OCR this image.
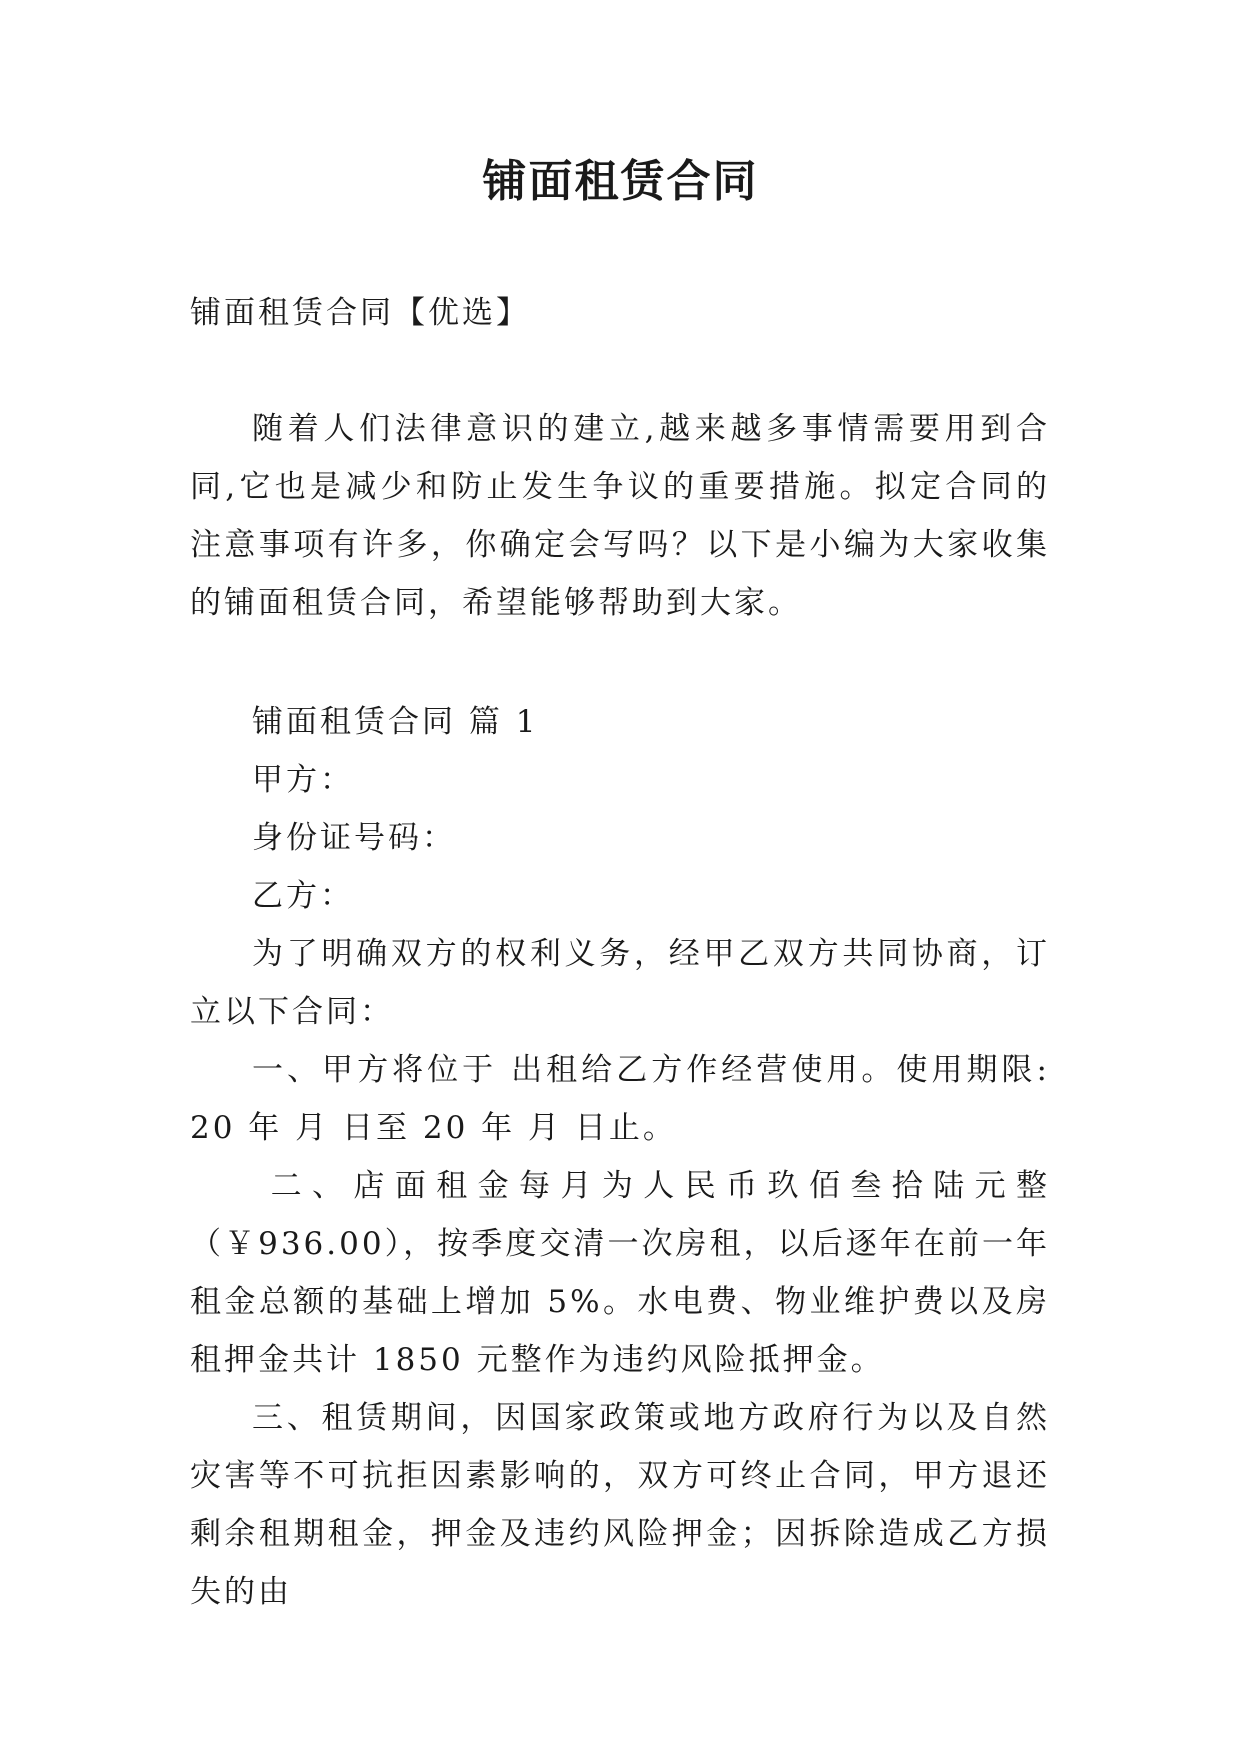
铺面租赁合同
铺面租赁合同【优选】

随着人们法律意识的建立,越来越多事情需要用到合同,它也是减少和防止发生争议的重要措施。拟定合同的注意事项有许多，你确定会写吗？以下是小编为大家收集的铺面租赁合同，希望能够帮助到大家。

铺面租赁合同 篇 1

甲方：

身份证号码：

乙方：

为了明确双方的权利义务，经甲乙双方共同协商，订立以下合同：

一、甲方将位于 出租给乙方作经营使用。使用期限: 20 年 月 日至 20 年 月 日止。

二、店面租金每月为人民币玖佰叁拾陆元整（￥936.00），按季度交清一次房租，以后逐年在前一年租金总额的基础上增加 5%。水电费、物业维护费以及房租押金共计 1850 元整作为违约风险抵押金。

三、租赁期间，因国家政策或地方政府行为以及自然灾害等不可抗拒因素影响的，双方可终止合同，甲方退还剩余租期租金，押金及违约风险押金；因拆除造成乙方损失的由
